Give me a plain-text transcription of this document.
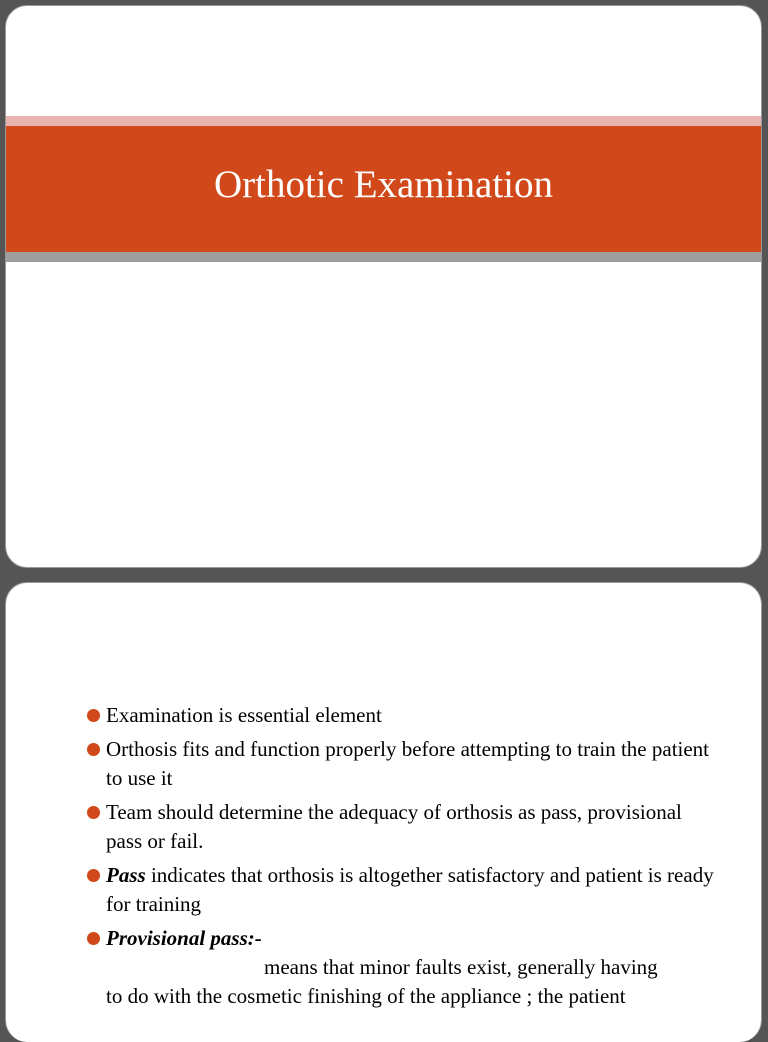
Orthotic Examination
Examination is essential element
Orthosis fits and function properly before attempting to train the patient to use it
Team should determine the adequacy of orthosis as pass, provisional pass or fail.
Pass indicates that orthosis is altogether satisfactory and patient is ready for training
Provisional pass:-
means that minor faults exist, generally having
to do with the cosmetic finishing of the appliance ; the patient
